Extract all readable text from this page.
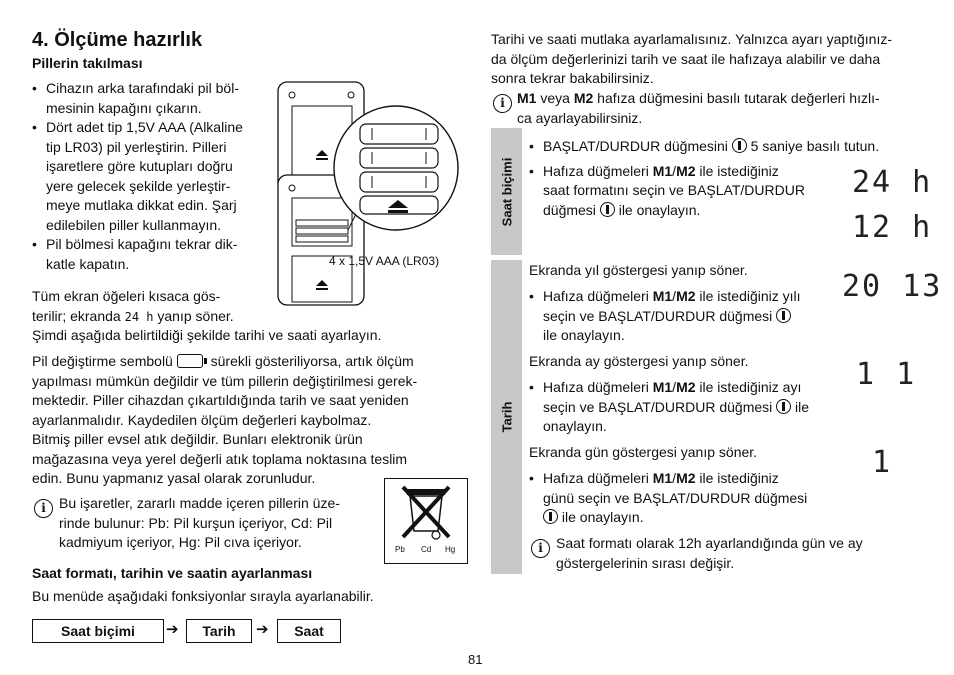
4. Ölçüme hazırlık
Pillerin takılması
• Cihazın arka tarafındaki pil böl-
mesinin kapağını çıkarın.
• Dört adet tip 1,5V AAA (Alkaline
tip LR03) pil yerleştirin. Pilleri
işaretlere göre kutupları doğru
yere gelecek şekilde yerleştir-
meye mutlaka dikkat edin. Şarj
edilebilen piller kullanmayın.
• Pil bölmesi kapağını tekrar dik-
katle kapatın.	4 x 1,5V AAA (LR03)
Tüm ekran öğeleri kısaca gös-
terilir; ekranda 24 h yanıp söner.
Şimdi aşağıda belirtildiği şekilde tarihi ve saati ayarlayın.
Pil değiştirme sembolü  sürekli gösteriliyorsa, artık ölçüm
yapılması mümkün değildir ve tüm pillerin değiştirilmesi gerek-
mektedir. Piller cihazdan çıkartıldığında tarih ve saat yeniden
ayarlanmalıdır. Kaydedilen ölçüm değerleri kaybolmaz.
Bitmiş piller evsel atık değildir. Bunları elektronik ürün
mağazasına veya yerel değerli atık toplama noktasına teslim
edin. Bunu yapmanız yasal olarak zorunludur.
i Bu işaretler, zararlı madde içeren pillerin üze-
rinde bulunur: Pb: Pil kurşun içeriyor, Cd: Pil
kadmiyum içeriyor, Hg: Pil cıva içeriyor.	Pb Cd Hg
Saat formatı, tarihin ve saatin ayarlanması
Bu menüde aşağıdaki fonksiyonlar sırayla ayarlanabilir.
Saat biçimi	➔	Tarih	➔	Saat
Tarihi ve saati mutlaka ayarlamalısınız. Yalnızca ayarı yaptığınız-
da ölçüm değerlerinizi tarih ve saat ile hafızaya alabilir ve daha
sonra tekrar bakabilirsiniz.
i M1 veya M2 hafıza düğmesini basılı tutarak değerleri hızlı-
ca ayarlayabilirsiniz.
Saat biçimi
• BAŞLAT/DURDUR düğmesini  5 saniye basılı tutun.
• Hafıza düğmeleri M1/M2 ile istediğiniz
saat formatını seçin ve BAŞLAT/DURDUR
düğmesi  ile onaylayın.
24 h
12 h
Tarih
Ekranda yıl göstergesi yanıp söner.
• Hafıza düğmeleri M1/M2 ile istediğiniz yılı
seçin ve BAŞLAT/DURDUR düğmesi
ile onaylayın.
20 13
Ekranda ay göstergesi yanıp söner.
• Hafıza düğmeleri M1/M2 ile istediğiniz ayı
seçin ve BAŞLAT/DURDUR düğmesi  ile
onaylayın.
1 1
Ekranda gün göstergesi yanıp söner.
• Hafıza düğmeleri M1/M2 ile istediğiniz
günü seçin ve BAŞLAT/DURDUR düğmesi
ile onaylayın.
1
i Saat formatı olarak 12h ayarlandığında gün ve ay
göstergelerinin sırası değişir.
81
